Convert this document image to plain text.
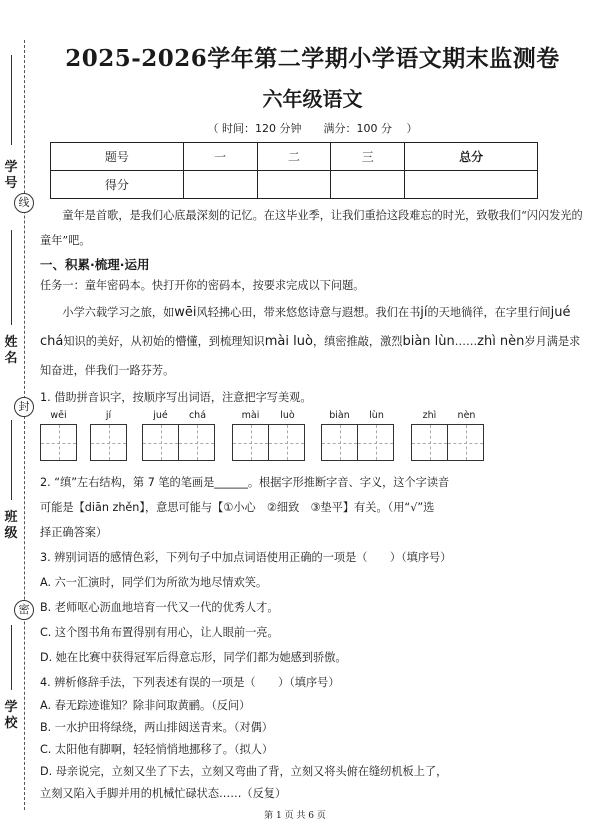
学 号
线
姓 名
封
班 级
密
学 校
2025-2026学年第二学期小学语文期末监测卷
六年级语文
（ 时间：120 分钟　　满分：100 分 　）
题号	一	二	三	总分
得分				

童年是首歌，是我们心底最深刻的记忆。在这毕业季，让我们重拾这段难忘的时光，致敬我们“闪闪发光的童年”吧。

一、积累·梳理·运用

任务一：童年密码本。快打开你的密码本，按要求完成以下问题。

小学六载学习之旅，如wēi风轻拂心田，带来悠悠诗意与遐想。我们在书jí的天地徜徉，在字里行间jué chá知识的美好，从初始的懵懂，到梳理知识mài luò，缜密推敲，激烈biàn lùn……zhì nèn岁月满是求知奋进，伴我们一路芬芳。

1. 借助拼音识字，按顺序写出词语，注意把字写美观。

wēi	jí	jué	chá	mài	luò	biàn	lùn	zhì	nèn

2. “缜”左右结构，第 7 笔的笔画是______。根据字形推断字音、字义，这个字读音

可能是【diān zhěn】，意思可能与【①小心　②细致　③垫平】有关。（用“√”选

择正确答案）

3. 辨别词语的感情色彩，下列句子中加点词语使用正确的一项是（　　）（填序号）

A. 六一汇演时，同学们为所欲为地尽情欢笑。

B. 老师呕心沥血地培育一代又一代的优秀人才。

C. 这个图书角布置得别有用心，让人眼前一亮。

D. 她在比赛中获得冠军后得意忘形，同学们都为她感到骄傲。

4. 辨析修辞手法，下列表述有误的一项是（　　）（填序号）

A. 春无踪迹谁知？除非问取黄鹂。（反问）

B. 一水护田将绿绕，两山排闼送青来。（对偶）

C. 太阳他有脚啊，轻轻悄悄地挪移了。（拟人）

D. 母亲说完，立刻又坐了下去，立刻又弯曲了背，立刻又将头俯在缝纫机板上了，

立刻又陷入手脚并用的机械忙碌状态……（反复）

第 1 页 共 6 页
